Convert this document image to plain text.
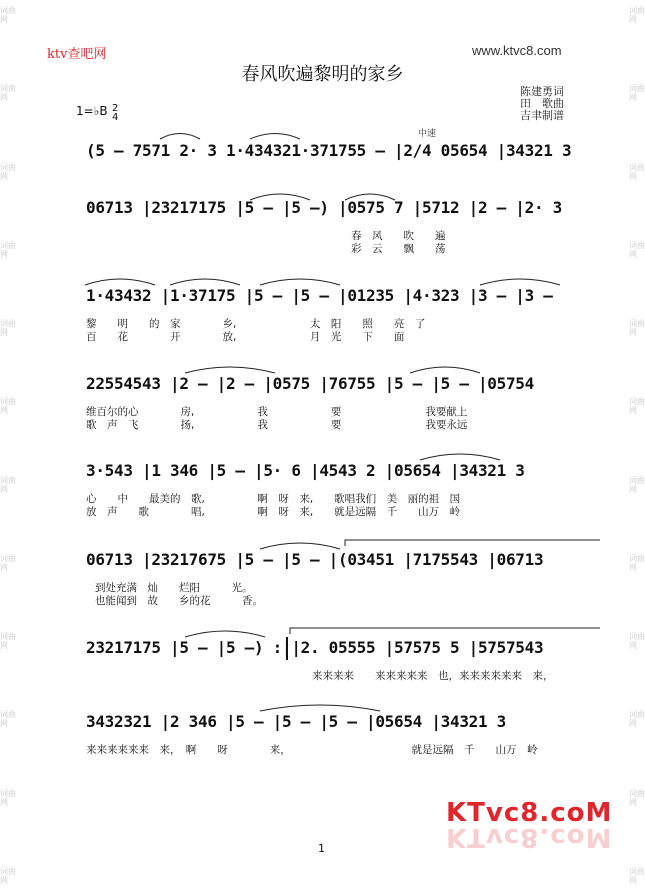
词曲网
词曲网
词曲网
词曲网
词曲网
词曲网
词曲网
词曲网
词曲网
词曲网
词曲网
词曲网
词曲网
词曲网
词曲网
词曲网
词曲网
词曲网
词曲网
词曲网
词曲网
词曲网
词曲网
词曲网
ktv查吧网	www.ktvc8.com
春风吹遍黎明的家乡
陈建勇词
田　歌曲
吉聿制谱
1=♭B 2
4
中速
(5 — 7571 2· 3 1·434321·371755 — |2/4 05654 |34321 3
06713 |23217175 |5 — |5 —) |0575 7 |5712 |2 — |2· 3
春　风　　吹　　遍
彩　云　　飘　　荡
1·43432 |1·37175 |5 — |5 — |01235 |4·323 |3 — |3 —
黎　　明　　的　家　　　　乡,　　　　　　　太　阳　　照　　亮　了
百　　花　　　　开　　　　放,　　　　　　　月　光　　下　　面
22554543 |2 — |2 — |0575 |76755 |5 — |5 — |05754
维百尔的心　　　　房,　　　　　　我　　　　　　要　　　　　　　　我要献上
歌　声　飞　　　　扬,　　　　　　我　　　　　　要　　　　　　　　我要永远
3·543 |1 346 |5 — |5· 6 |4543 2 |05654 |34321 3
心　　中　　最美的　歌,　　　　　啊　呀　来,　　歌唱我们　美　丽的祖　国
放　声　　歌　　　　唱,　　　　　啊　呀　来,　　就是远隔　千　　山万　岭
06713 |23217675 |5 — |5 — |(03451 |7175543 |06713
到处充满　灿　　烂阳　　　光。
也能闻到　故　　乡的花　　　香。
23217175 |5 — |5 —) :||2. 05555 |57575 5 |5757543
来来来来　　来来来来来　也，来来来来来来　来，
3432321 |2 346 |5 — |5 — |5 — |05654 |34321 3
来来来来来来　来，　啊　　呀　　　　来，　　　　　　　　　　　　就是远隔　千　　山万　岭
1
KTvc8.coM
KTvc8.coM
